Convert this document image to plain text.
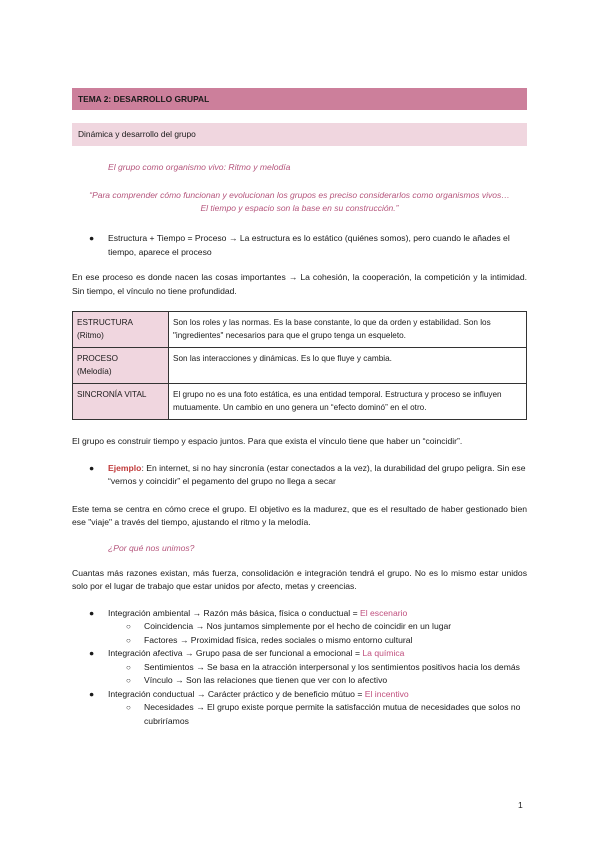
TEMA 2: DESARROLLO GRUPAL
Dinámica y desarrollo del grupo
El grupo como organismo vivo: Ritmo y melodía
“Para comprender cómo funcionan y evolucionan los grupos es preciso considerarlos como organismos vivos…
El tiempo y espacio son la base en su construcción.”
● Estructura + Tiempo = Proceso → La estructura es lo estático (quiénes somos), pero cuando le añades el tiempo, aparece el proceso

En ese proceso es donde nacen las cosas importantes → La cohesión, la cooperación, la competición y la intimidad. Sin tiempo, el vínculo no tiene profundidad.

ESTRUCTURA
(Ritmo)	Son los roles y las normas. Es la base constante, lo que da orden y estabilidad. Son los "ingredientes" necesarios para que el grupo tenga un esqueleto.

PROCESO
(Melodía)	Son las interacciones y dinámicas. Es lo que fluye y cambia.

SINCRONÍA VITAL	El grupo no es una foto estática, es una entidad temporal. Estructura y proceso se influyen mutuamente. Un cambio en uno genera un “efecto dominó” en el otro.

El grupo es construir tiempo y espacio juntos. Para que exista el vínculo tiene que haber un “coincidir”.

● Ejemplo: En internet, si no hay sincronía (estar conectados a la vez), la durabilidad del grupo peligra. Sin ese “vernos y coincidir” el pegamento del grupo no llega a secar

Este tema se centra en cómo crece el grupo. El objetivo es la madurez, que es el resultado de haber gestionado bien ese "viaje" a través del tiempo, ajustando el ritmo y la melodía.

¿Por qué nos unimos?

Cuantas más razones existan, más fuerza, consolidación e integración tendrá el grupo. No es lo mismo estar unidos solo por el lugar de trabajo que estar unidos por afecto, metas y creencias.

● Integración ambiental → Razón más básica, física o conductual = El escenario
○ Coincidencia → Nos juntamos simplemente por el hecho de coincidir en un lugar
○ Factores → Proximidad física, redes sociales o mismo entorno cultural
● Integración afectiva → Grupo pasa de ser funcional a emocional = La química
○ Sentimientos → Se basa en la atracción interpersonal y los sentimientos positivos hacia los demás
○ Vínculo → Son las relaciones que tienen que ver con lo afectivo
● Integración conductual → Carácter práctico y de beneficio mútuo = El incentivo
○ Necesidades → El grupo existe porque permite la satisfacción mutua de necesidades que solos no cubriríamos
1
